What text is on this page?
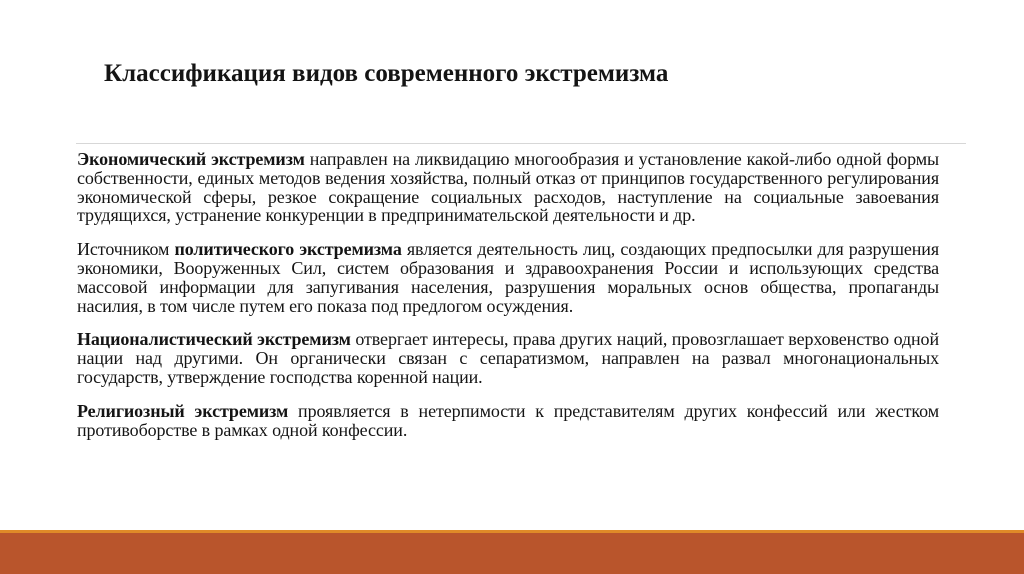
Классификация видов современного экстремизма

Экономический экстремизм направлен на ликвидацию многообразия и установление какой-либо одной формы собственности, единых методов ведения хозяйства, полный отказ от принципов государственного регулирования экономической сферы, резкое сокращение социальных расходов, наступление на социальные завоевания трудящихся, устранение конкуренции в предпринимательской деятельности и др.

Источником политического экстремизма является деятельность лиц, создающих предпосылки для разрушения экономики, Вооруженных Сил, систем образования и здравоохранения России и использующих средства массовой информации для запугивания населения, разрушения моральных основ общества, пропаганды насилия, в том числе путем его показа под предлогом осуждения.

Националистический экстремизм отвергает интересы, права других наций, провозглашает верховенство одной нации над другими. Он органически связан с сепаратизмом, направлен на развал многонациональных государств, утверждение господства коренной нации.

Религиозный экстремизм проявляется в нетерпимости к представителям других конфессий или жестком противоборстве в рамках одной конфессии.
